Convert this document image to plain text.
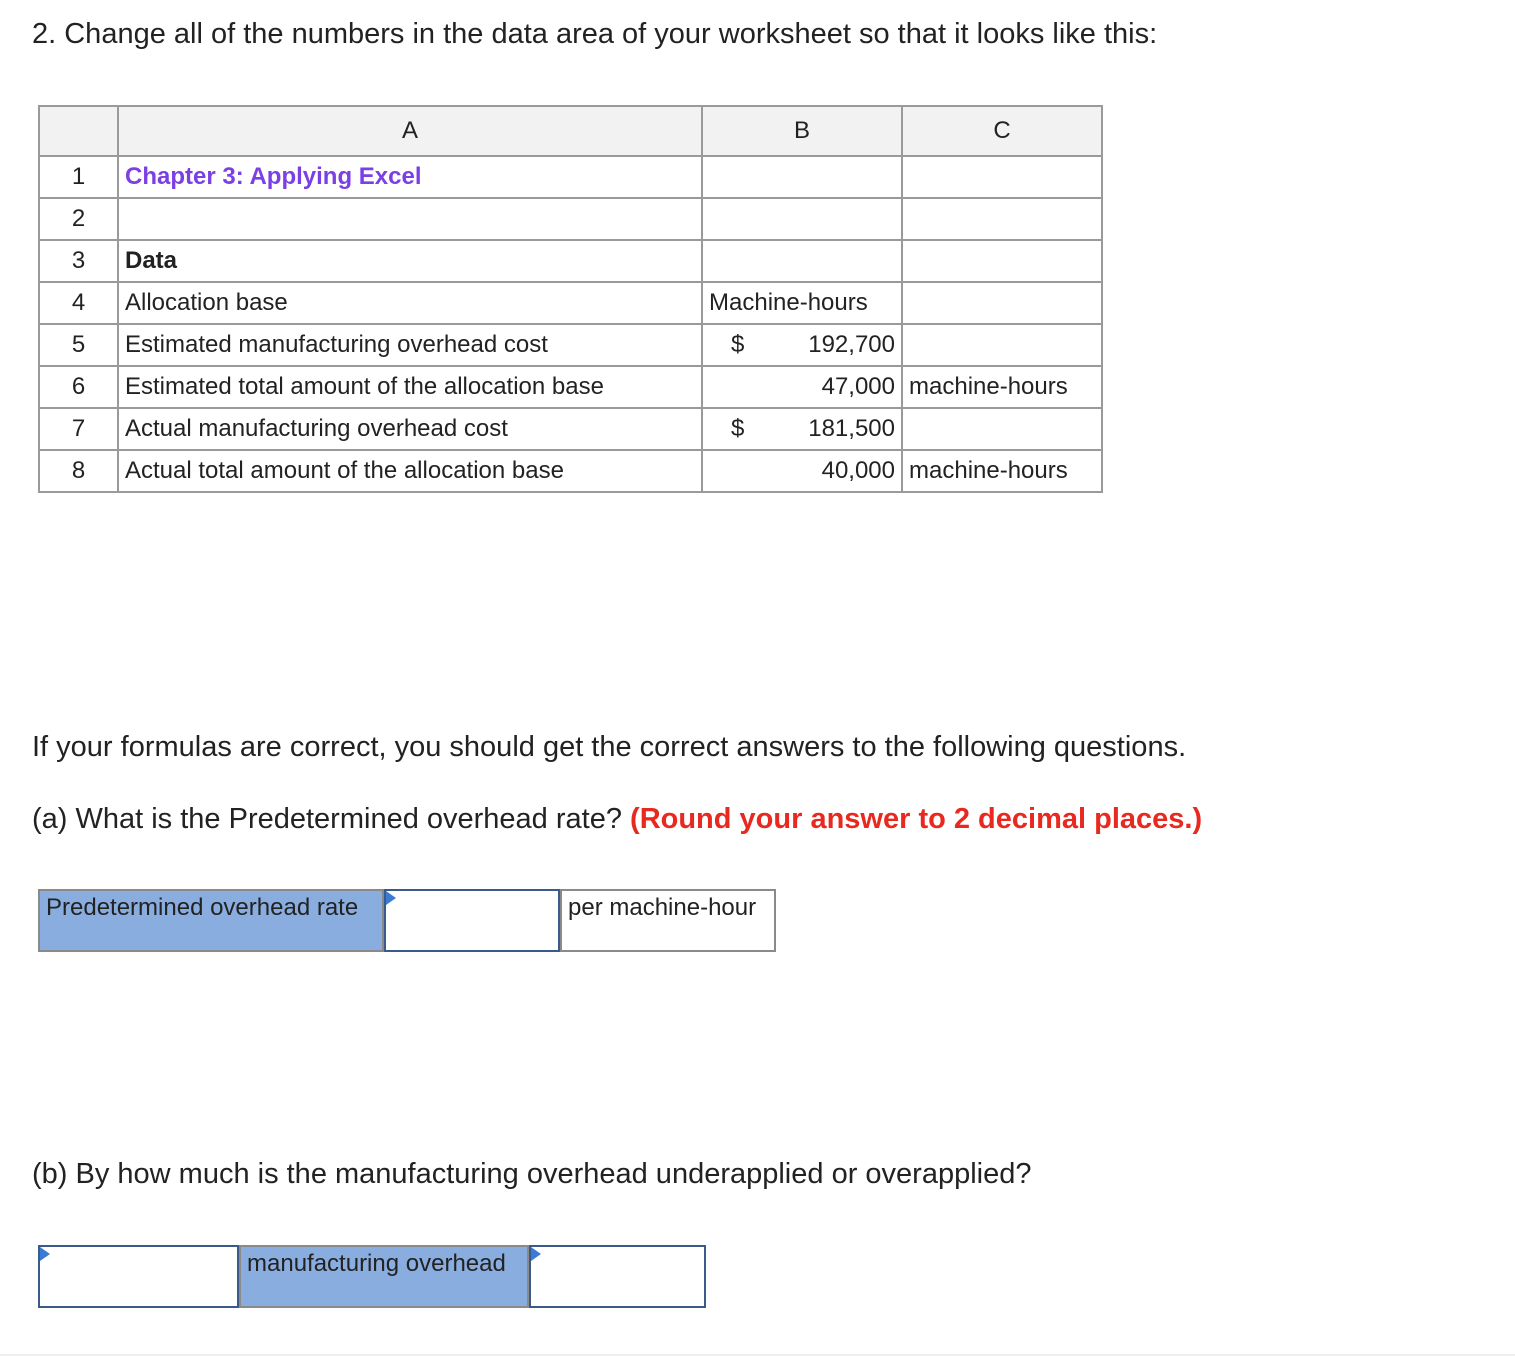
2. Change all of the numbers in the data area of your worksheet so that it looks like this:
	A	B	C
1	Chapter 3: Applying Excel		
2			
3	Data		
4	Allocation base	Machine-hours	
5	Estimated manufacturing overhead cost	$ 192,700	

6	Estimated total amount of the allocation base	47,000	machine-hours
7	Actual manufacturing overhead cost	$ 181,500	

8	Actual total amount of the allocation base	40,000	machine-hours
If your formulas are correct, you should get the correct answers to the following questions.
(a) What is the Predetermined overhead rate? (Round your answer to 2 decimal places.)
Predetermined overhead rate	per machine-hour
(b) By how much is the manufacturing overhead underapplied or overapplied?
manufacturing overhead
